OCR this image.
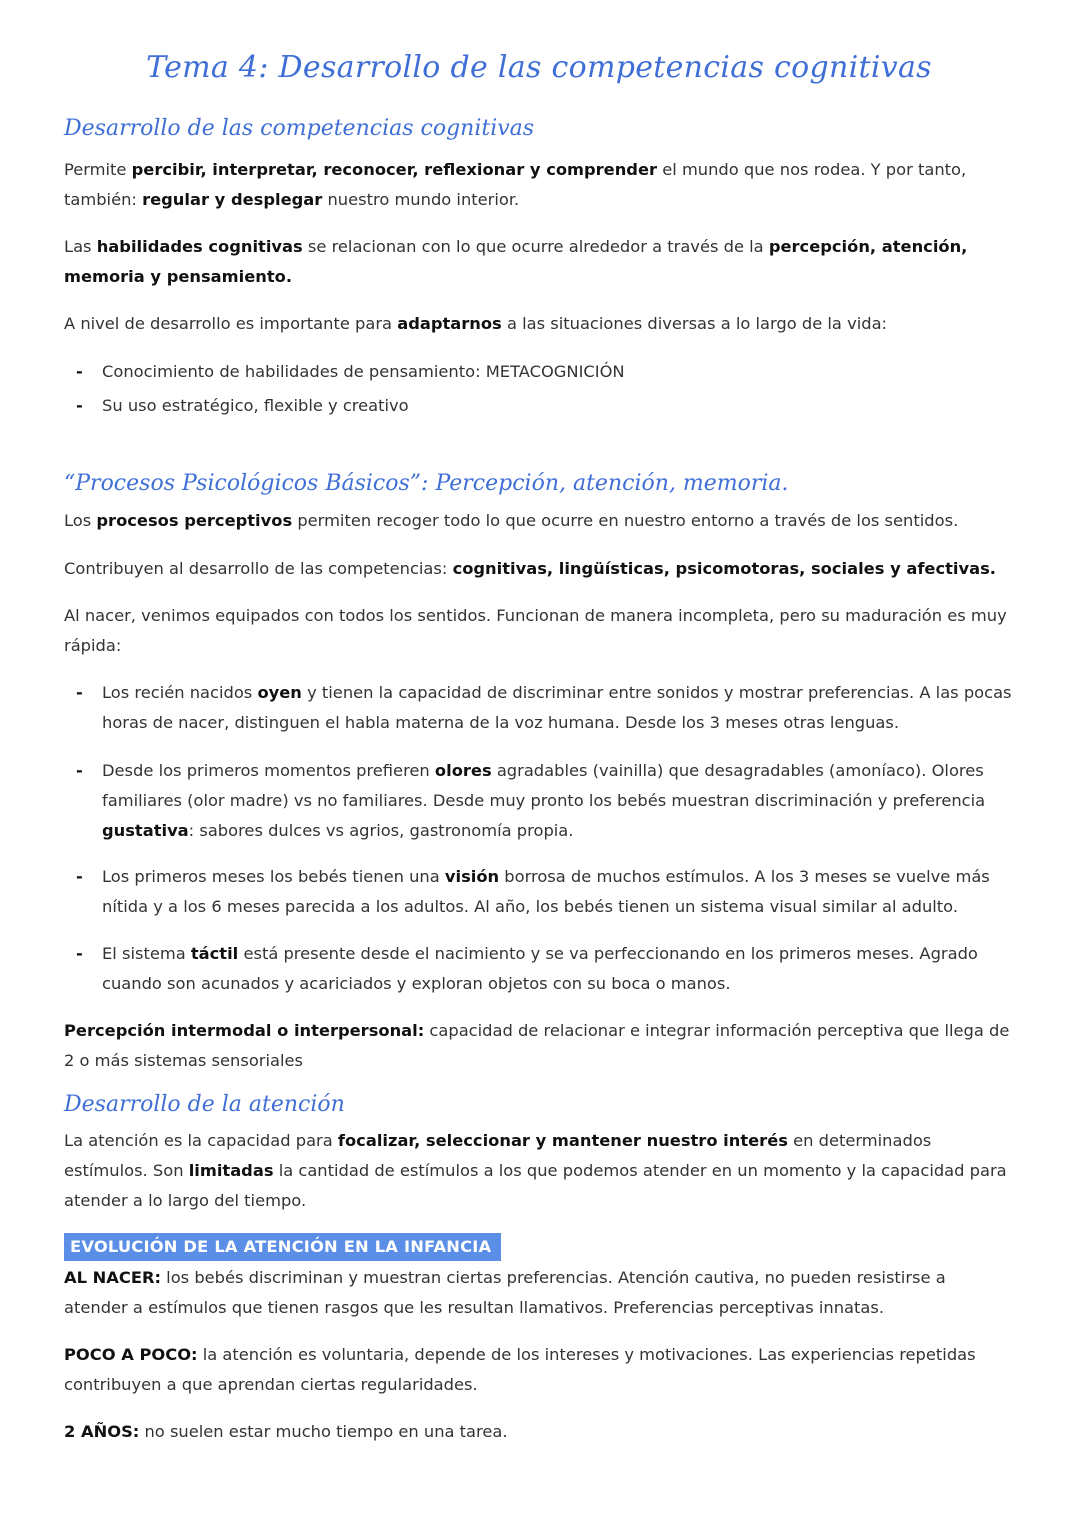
Tema 4: Desarrollo de las competencias cognitivas
Desarrollo de las competencias cognitivas

Permite percibir, interpretar, reconocer, reflexionar y comprender el mundo que nos rodea. Y por tanto, también: regular y desplegar nuestro mundo interior.

Las habilidades cognitivas se relacionan con lo que ocurre alrededor a través de la percepción, atención, memoria y pensamiento.

A nivel de desarrollo es importante para adaptarnos a las situaciones diversas a lo largo de la vida:

- Conocimiento de habilidades de pensamiento: METACOGNICIÓN

- Su uso estratégico, flexible y creativo

“Procesos Psicológicos Básicos”: Percepción, atención, memoria.

Los procesos perceptivos permiten recoger todo lo que ocurre en nuestro entorno a través de los sentidos.

Contribuyen al desarrollo de las competencias: cognitivas, lingüísticas, psicomotoras, sociales y afectivas.

Al nacer, venimos equipados con todos los sentidos. Funcionan de manera incompleta, pero su maduración es muy rápida:

- Los recién nacidos oyen y tienen la capacidad de discriminar entre sonidos y mostrar preferencias. A las pocas horas de nacer, distinguen el habla materna de la voz humana. Desde los 3 meses otras lenguas.

- Desde los primeros momentos prefieren olores agradables (vainilla) que desagradables (amoníaco). Olores familiares (olor madre) vs no familiares. Desde muy pronto los bebés muestran discriminación y preferencia gustativa: sabores dulces vs agrios, gastronomía propia.

- Los primeros meses los bebés tienen una visión borrosa de muchos estímulos. A los 3 meses se vuelve más nítida y a los 6 meses parecida a los adultos. Al año, los bebés tienen un sistema visual similar al adulto.

- El sistema táctil está presente desde el nacimiento y se va perfeccionando en los primeros meses. Agrado cuando son acunados y acariciados y exploran objetos con su boca o manos.

Percepción intermodal o interpersonal: capacidad de relacionar e integrar información perceptiva que llega de 2 o más sistemas sensoriales

Desarrollo de la atención

La atención es la capacidad para focalizar, seleccionar y mantener nuestro interés en determinados estímulos. Son limitadas la cantidad de estímulos a los que podemos atender en un momento y la capacidad para atender a lo largo del tiempo.

EVOLUCIÓN DE LA ATENCIÓN EN LA INFANCIA

AL NACER: los bebés discriminan y muestran ciertas preferencias. Atención cautiva, no pueden resistirse a atender a estímulos que tienen rasgos que les resultan llamativos. Preferencias perceptivas innatas.

POCO A POCO: la atención es voluntaria, depende de los intereses y motivaciones. Las experiencias repetidas contribuyen a que aprendan ciertas regularidades.

2 AÑOS: no suelen estar mucho tiempo en una tarea.
